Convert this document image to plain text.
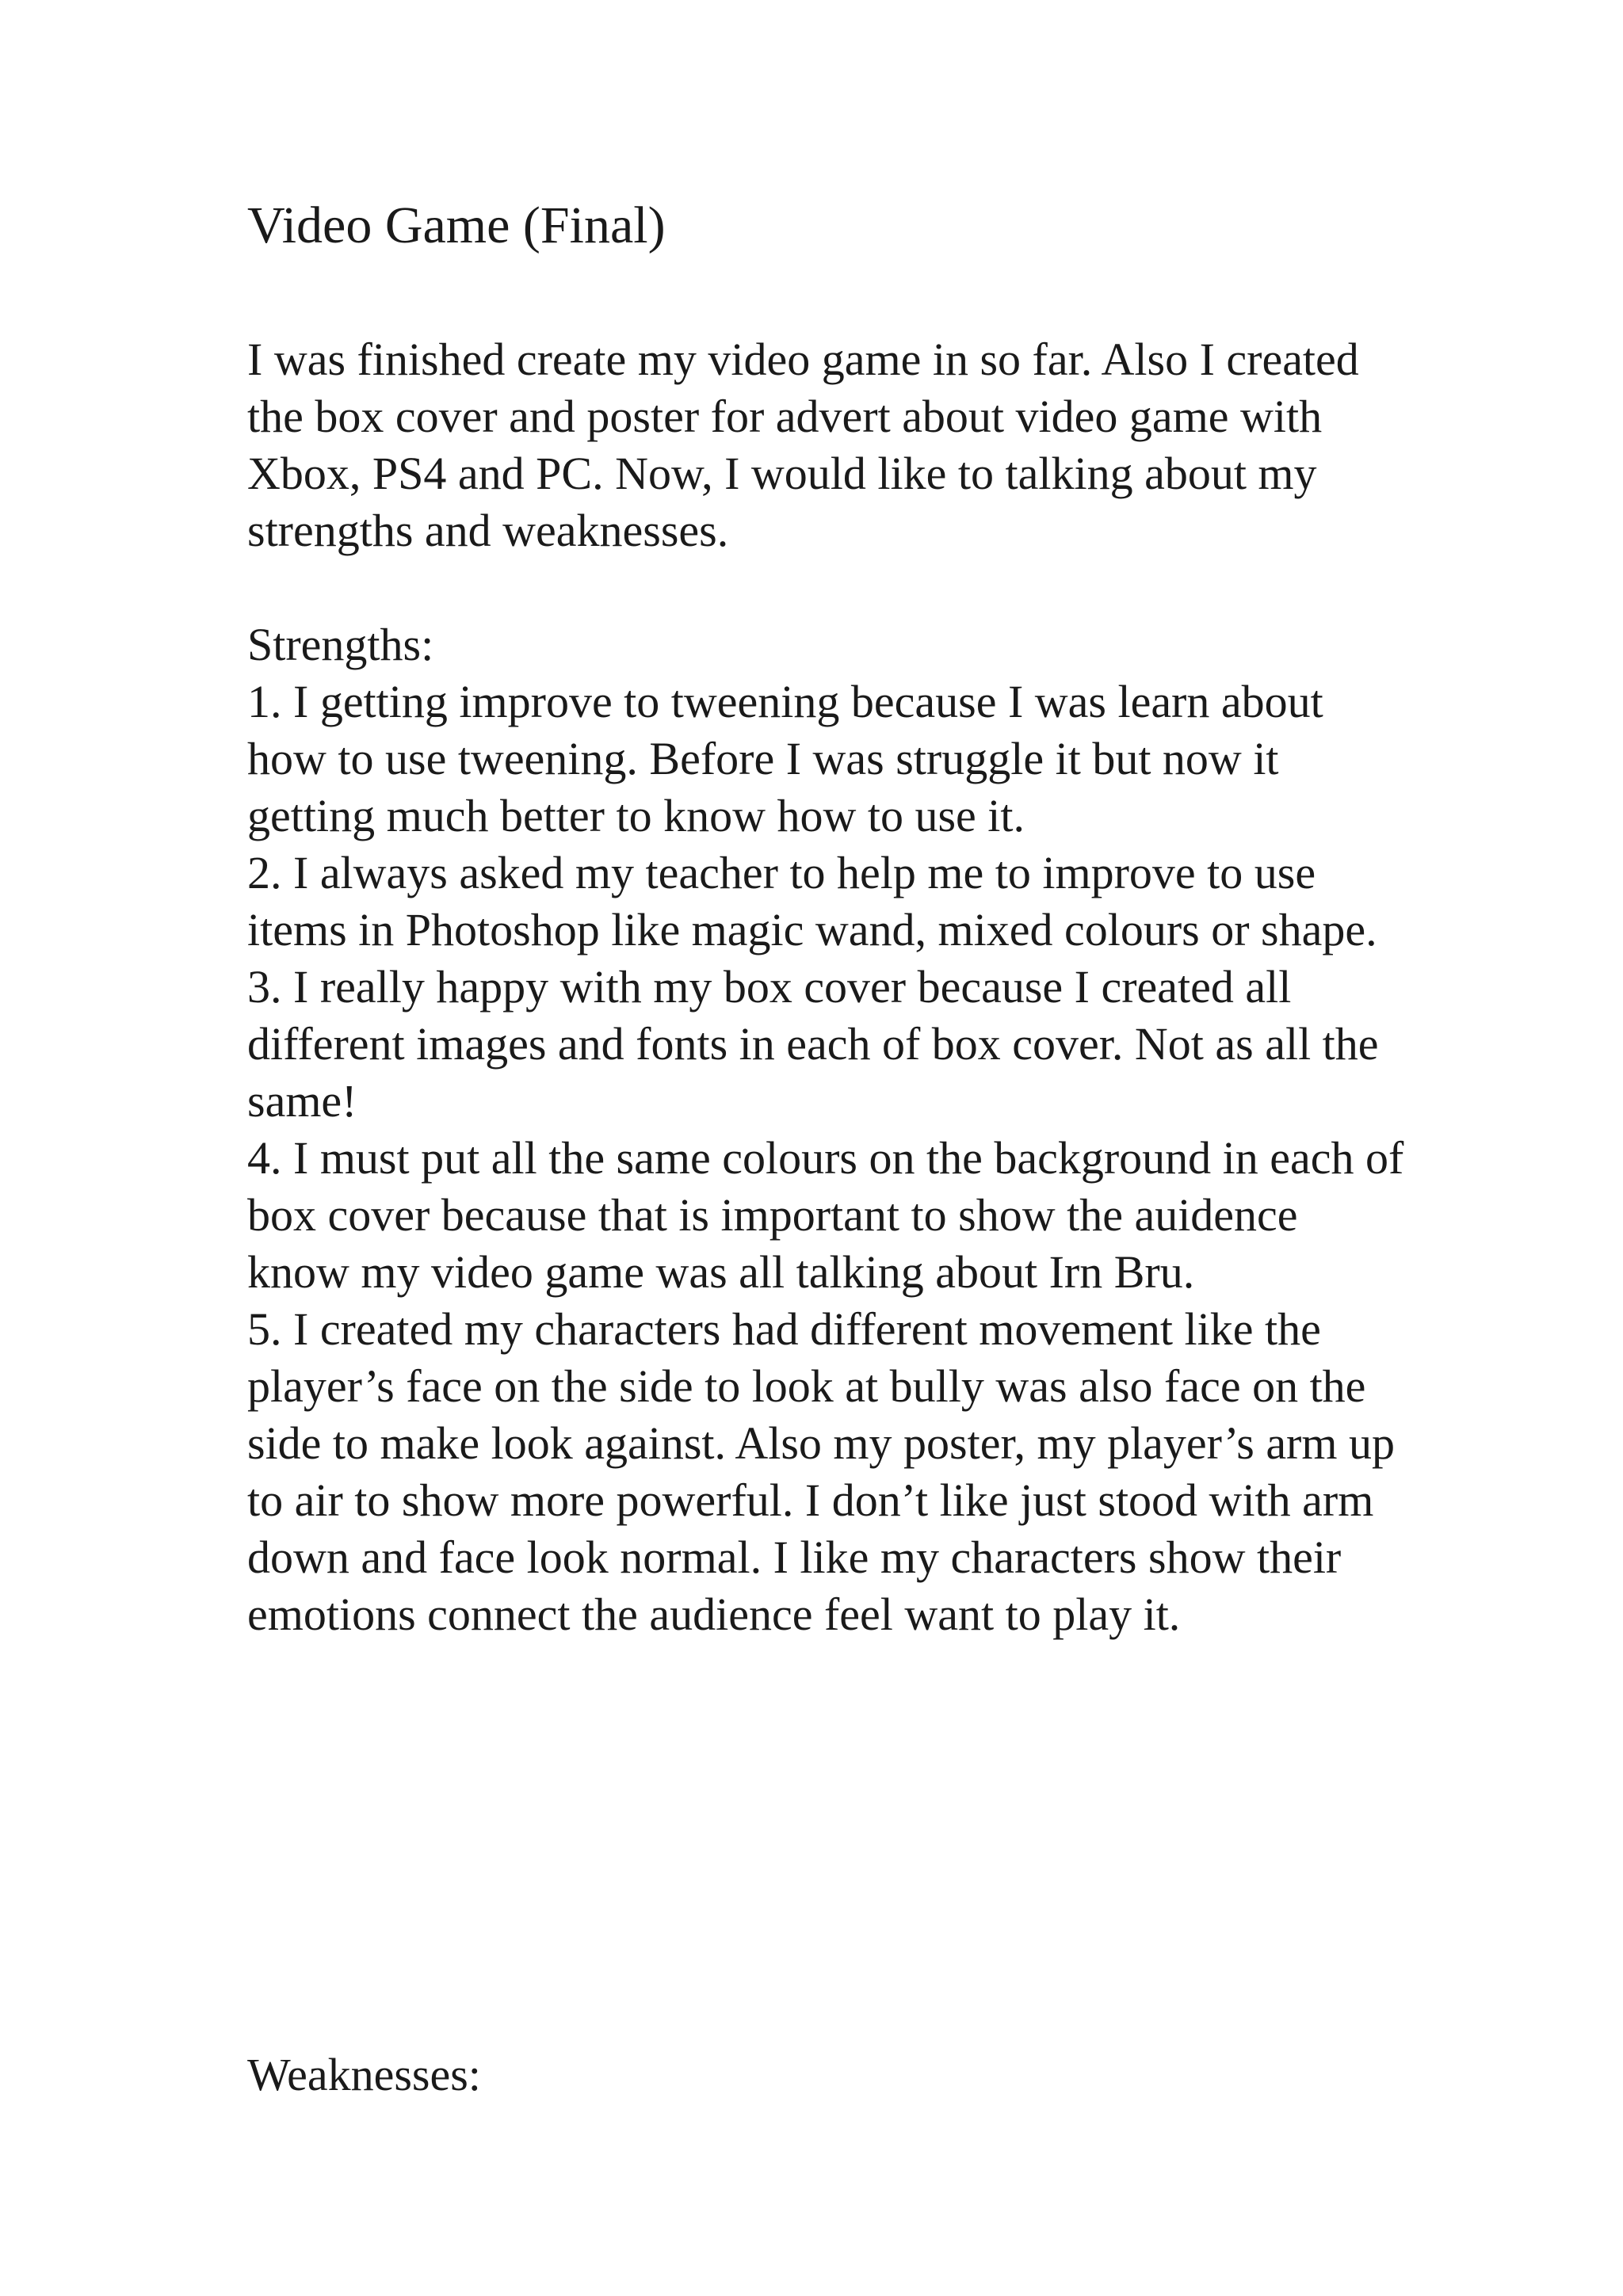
Video Game (Final)

I was finished create my video game in so far. Also I created the box cover and poster for advert about video game with Xbox, PS4 and PC. Now, I would like to talking about my strengths and weaknesses.

Strengths:
1. I getting improve to tweening because I was learn about how to use tweening. Before I was struggle it but now it getting much better to know how to use it.
2. I always asked my teacher to help me to improve to use items in Photoshop like magic wand, mixed colours or shape.
3. I really happy with my box cover because I created all different images and fonts in each of box cover. Not as all the same!
4. I must put all the same colours on the background in each of box cover because that is important to show the auidence know my video game was all talking about Irn Bru.
5. I created my characters had different movement like the player’s face on the side to look at bully was also face on the side to make look against. Also my poster, my player’s arm up to air to show more powerful. I don’t like just stood with arm down and face look normal. I like my characters show their emotions connect the audience feel want to play it.
Weaknesses:
